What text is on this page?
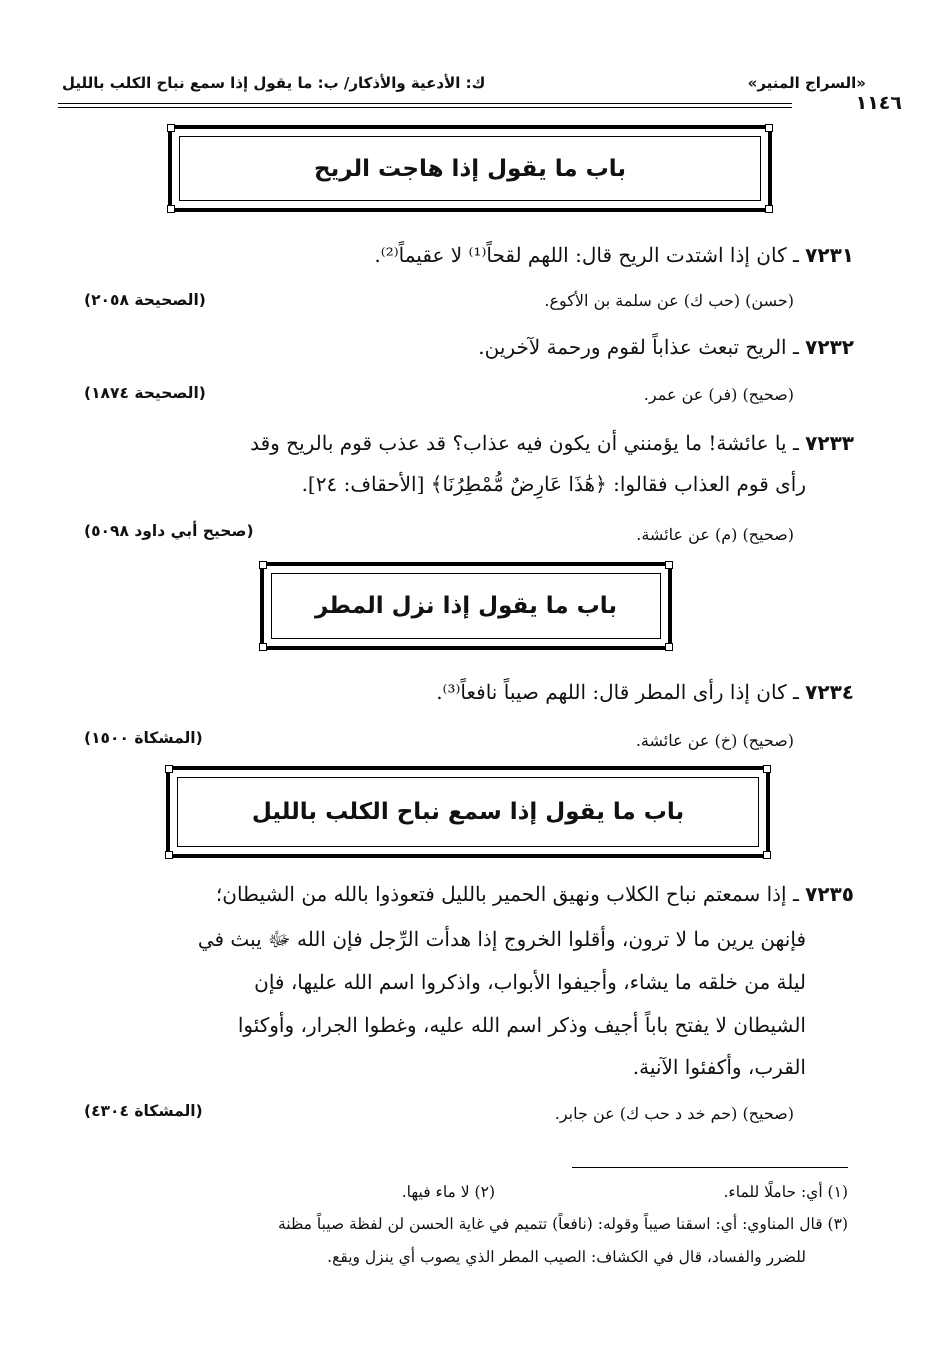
«السراج المنير»
ك: الأدعية والأذكار/ ب: ما يقول إذا سمع نباح الكلب بالليل
١١٤٦
باب ما يقول إذا هاجت الريح
٧٢٣١ ـ كان إذا اشتدت الريح قال: اللهم لقحاً⁽¹⁾ لا عقيماً⁽²⁾.
(حسن) (حب ك) عن سلمة بن الأكوع.
(الصحيحة ٢٠٥٨)
٧٢٣٢ ـ الريح تبعث عذاباً لقوم ورحمة لآخرين.
(صحيح) (فر) عن عمر.
(الصحيحة ١٨٧٤)
٧٢٣٣ ـ يا عائشة! ما يؤمنني أن يكون فيه عذاب؟ قد عذب قوم بالريح وقد
رأى قوم العذاب فقالوا: ﴿هَٰذَا عَارِضٌ مُّمْطِرُنَا﴾ [الأحقاف: ٢٤].
(صحيح) (م) عن عائشة.
(صحيح أبي داود ٥٠٩٨)
باب ما يقول إذا نزل المطر
٧٢٣٤ ـ كان إذا رأى المطر قال: اللهم صيباً نافعاً⁽³⁾.
(صحيح) (خ) عن عائشة.
(المشكاة ١٥٠٠)
باب ما يقول إذا سمع نباح الكلب بالليل
٧٢٣٥ ـ إذا سمعتم نباح الكلاب ونهيق الحمير بالليل فتعوذوا بالله من الشيطان؛
فإنهن يرين ما لا ترون، وأقلوا الخروج إذا هدأت الرِّجل فإن الله ﷻ يبث في
ليلة من خلقه ما يشاء، وأجيفوا الأبواب، واذكروا اسم الله عليها، فإن
الشيطان لا يفتح باباً أجيف وذكر اسم الله عليه، وغطوا الجرار، وأوكئوا
القرب، وأكفئوا الآنية.
(صحيح) (حم خد د حب ك) عن جابر.
(المشكاة ٤٣٠٤)
(١) أي: حاملًا للماء.
(٢) لا ماء فيها.
(٣) قال المناوي: أي: اسقنا صيباً وقوله: (نافعاً) تتميم في غاية الحسن لن لفظة صيباً مظنة
للضرر والفساد، قال في الكشاف: الصيب المطر الذي يصوب أي ينزل ويقع.
